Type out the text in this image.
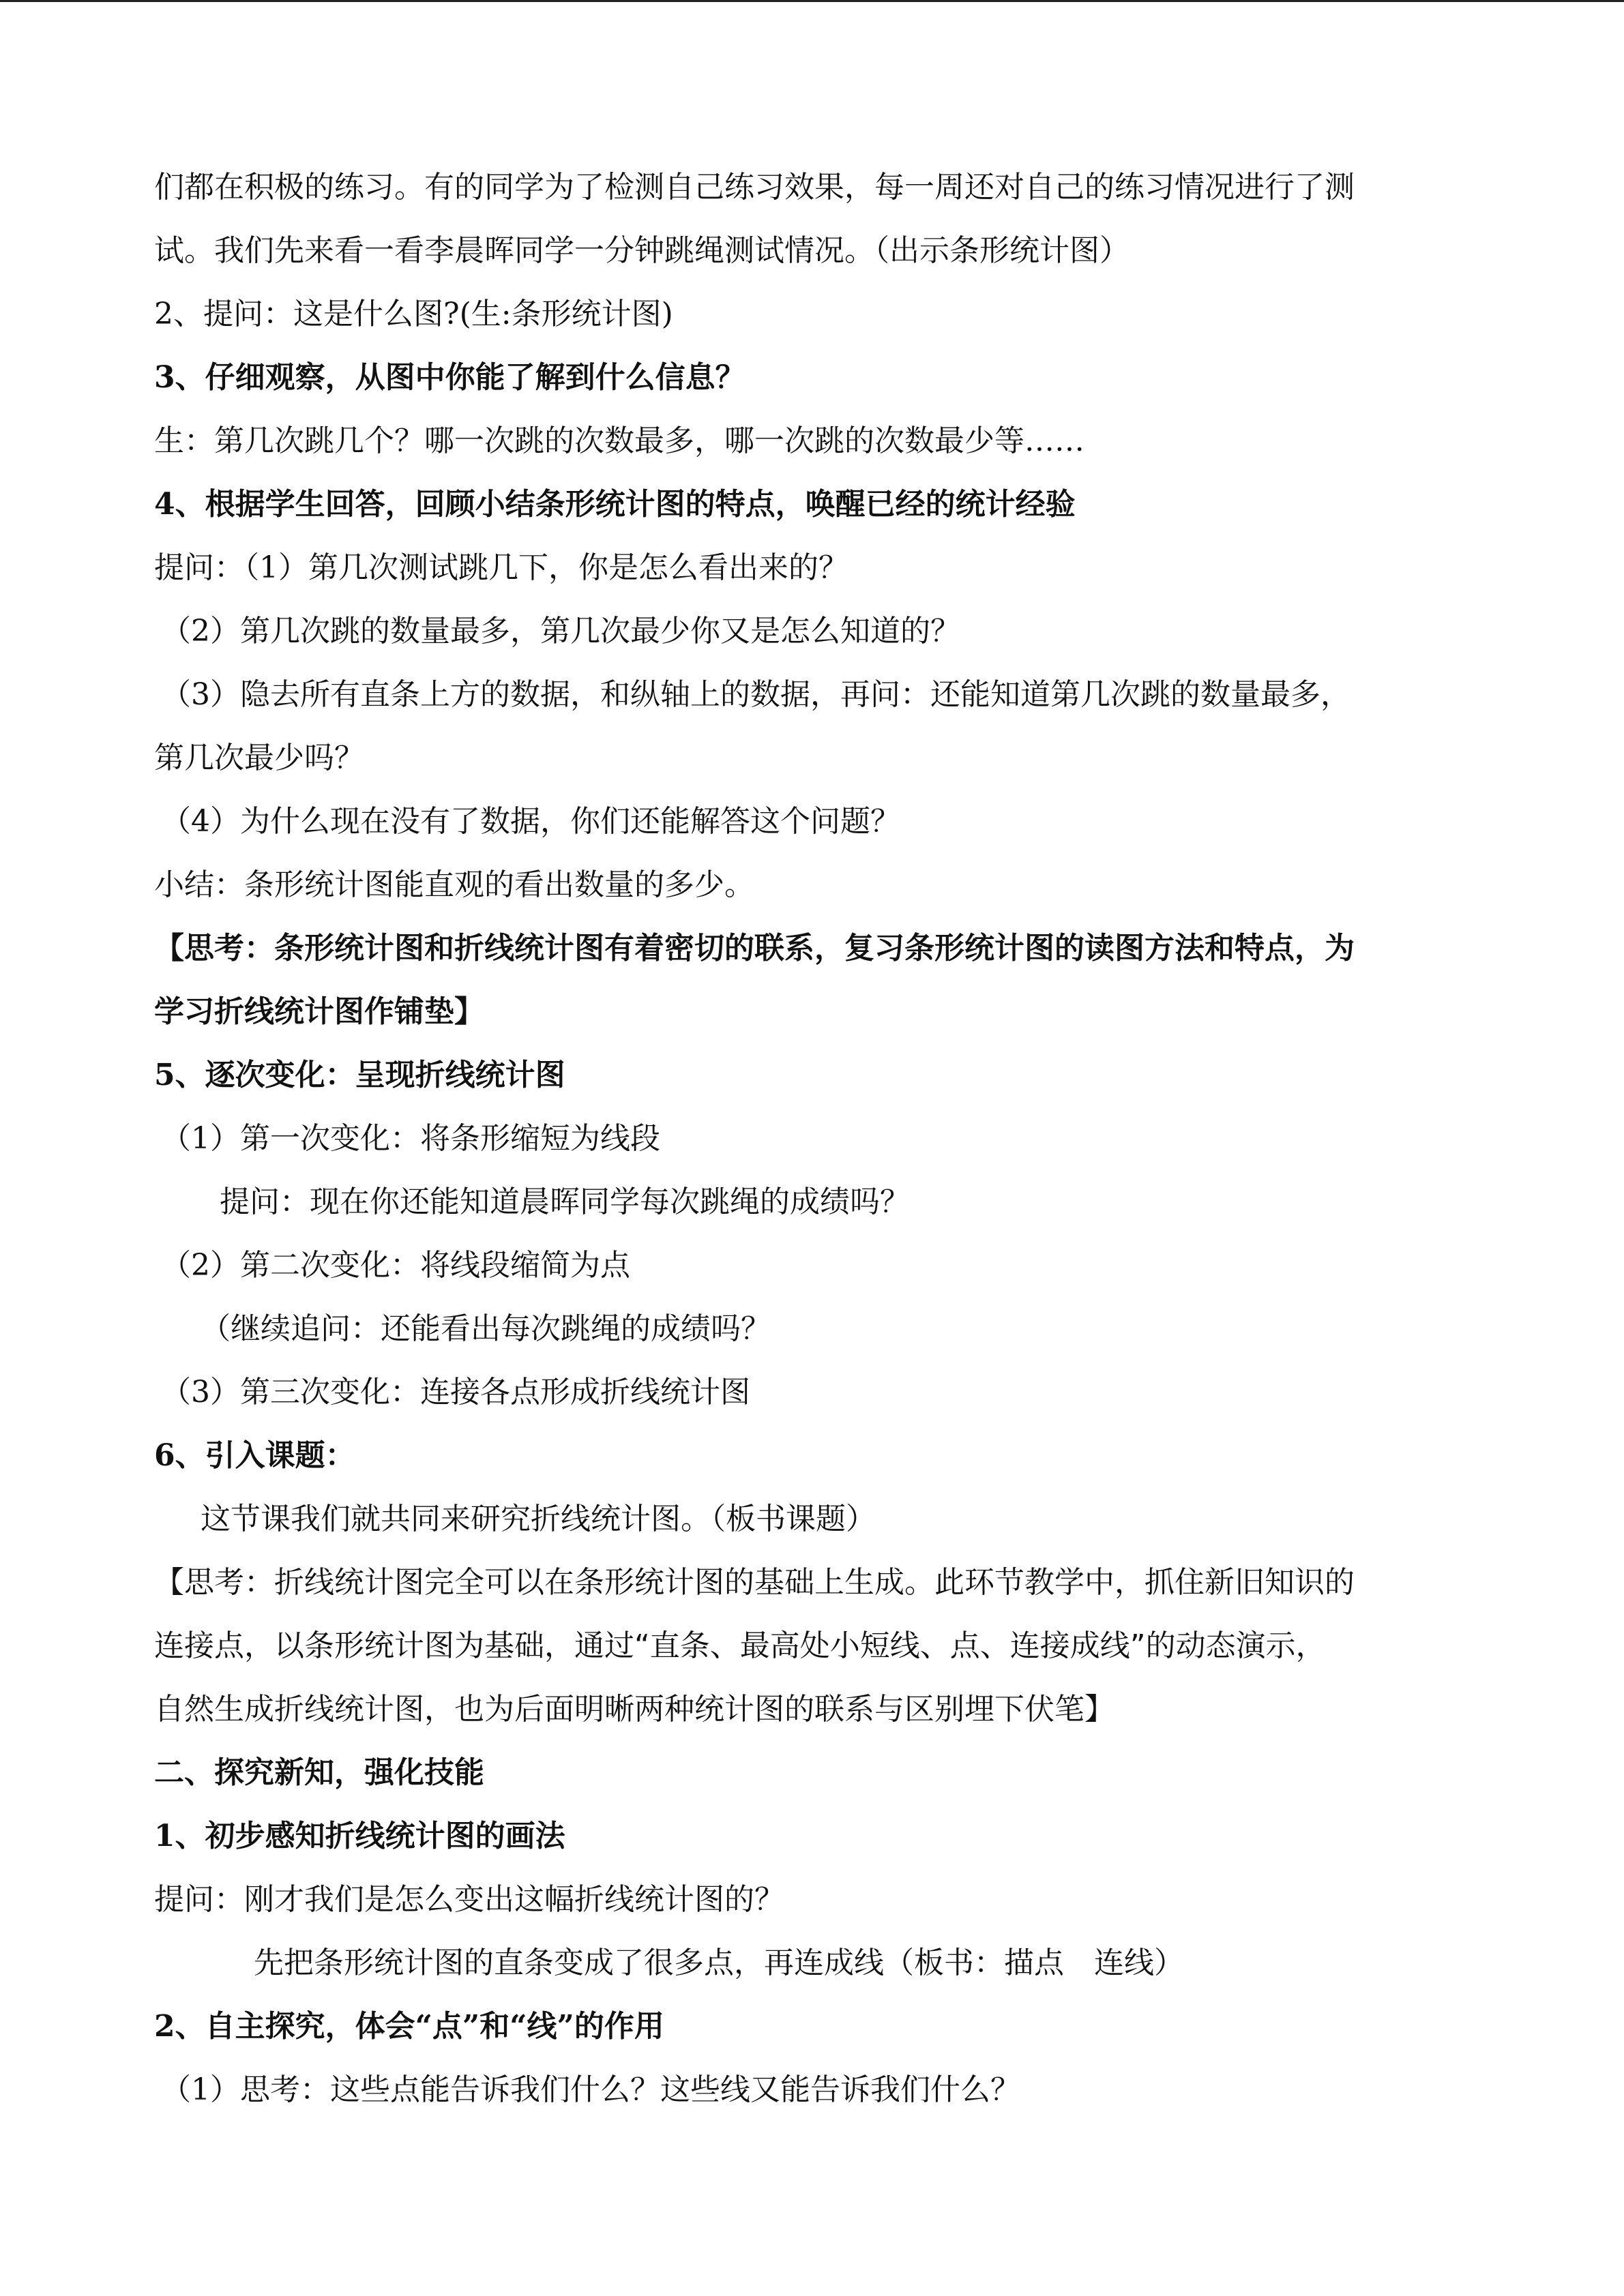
们都在积极的练习。有的同学为了检测自己练习效果，每一周还对自己的练习情况进行了测
试。我们先来看一看李晨晖同学一分钟跳绳测试情况。（出示条形统计图）
2、提问：这是什么图?(生:条形统计图)
3、仔细观察，从图中你能了解到什么信息？
生：第几次跳几个？哪一次跳的次数最多，哪一次跳的次数最少等……
4、根据学生回答，回顾小结条形统计图的特点，唤醒已经的统计经验
提问：（1）第几次测试跳几下，你是怎么看出来的？
（2）第几次跳的数量最多，第几次最少你又是怎么知道的？
（3）隐去所有直条上方的数据，和纵轴上的数据，再问：还能知道第几次跳的数量最多，
第几次最少吗？
（4）为什么现在没有了数据，你们还能解答这个问题？
小结：条形统计图能直观的看出数量的多少。
【思考：条形统计图和折线统计图有着密切的联系，复习条形统计图的读图方法和特点，为
学习折线统计图作铺垫】
5、逐次变化：呈现折线统计图
（1）第一次变化：将条形缩短为线段
提问：现在你还能知道晨晖同学每次跳绳的成绩吗？
（2）第二次变化：将线段缩简为点
（继续追问：还能看出每次跳绳的成绩吗？
（3）第三次变化：连接各点形成折线统计图
6、引入课题：
这节课我们就共同来研究折线统计图。（板书课题）
【思考：折线统计图完全可以在条形统计图的基础上生成。此环节教学中，抓住新旧知识的
连接点，以条形统计图为基础，通过“直条、最高处小短线、点、连接成线”的动态演示，
自然生成折线统计图，也为后面明晰两种统计图的联系与区别埋下伏笔】
二、探究新知，强化技能
1、初步感知折线统计图的画法
提问：刚才我们是怎么变出这幅折线统计图的？
先把条形统计图的直条变成了很多点，再连成线（板书：描点　连线）
2、自主探究，体会“点”和“线”的作用
（1）思考：这些点能告诉我们什么？这些线又能告诉我们什么？
